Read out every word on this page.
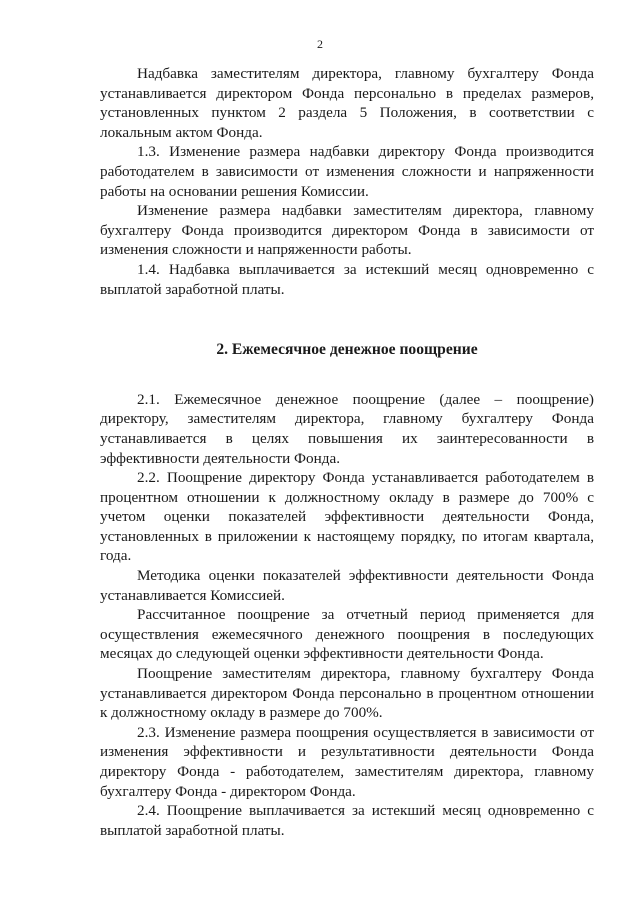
2

Надбавка заместителям директора, главному бухгалтеру Фонда устанавливается директором Фонда персонально в пределах размеров, установленных пунктом 2 раздела 5 Положения, в соответствии с локальным актом Фонда.

1.3. Изменение размера надбавки директору Фонда производится работодателем в зависимости от изменения сложности и напряженности работы на основании решения Комиссии.

Изменение размера надбавки заместителям директора, главному бухгалтеру Фонда производится директором Фонда в зависимости от изменения сложности и напряженности работы.

1.4. Надбавка выплачивается за истекший месяц одновременно с выплатой заработной платы.

2. Ежемесячное денежное поощрение

2.1. Ежемесячное денежное поощрение (далее – поощрение) директору, заместителям директора, главному бухгалтеру Фонда устанавливается в целях повышения их заинтересованности в эффективности деятельности Фонда.

2.2. Поощрение директору Фонда устанавливается работодателем в процентном отношении к должностному окладу в размере до 700% с учетом оценки показателей эффективности деятельности Фонда, установленных в приложении к настоящему порядку, по итогам квартала, года.

Методика оценки показателей эффективности деятельности Фонда устанавливается Комиссией.

Рассчитанное поощрение за отчетный период применяется для осуществления ежемесячного денежного поощрения в последующих месяцах до следующей оценки эффективности деятельности Фонда.

Поощрение заместителям директора, главному бухгалтеру Фонда устанавливается директором Фонда персонально в процентном отношении к должностному окладу в размере до 700%.

2.3. Изменение размера поощрения осуществляется в зависимости от изменения эффективности и результативности деятельности Фонда директору Фонда - работодателем, заместителям директора, главному бухгалтеру Фонда - директором Фонда.

2.4. Поощрение выплачивается за истекший месяц одновременно с выплатой заработной платы.
